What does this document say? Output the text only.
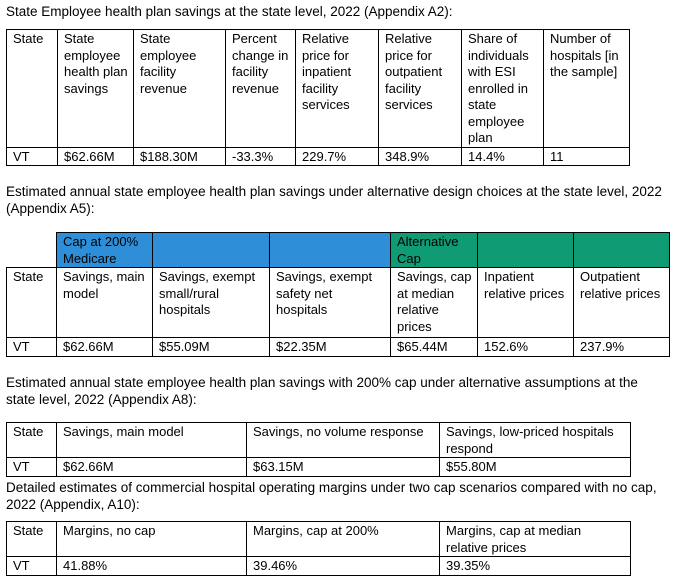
State Employee health plan savings at the state level, 2022 (Appendix A2):

State	State employee health plan savings	State employee facility revenue	Percent change in facility revenue	Relative price for inpatient facility services	Relative price for outpatient facility services	Share of individuals with ESI enrolled in state employee plan	Number of hospitals [in the sample]
VT	$62.66M	$188.30M	-33.3%	229.7%	348.9%	14.4%	11

Estimated annual state employee health plan savings under alternative design choices at the state level, 2022 (Appendix A5):

	Cap at 200% Medicare			Alternative Cap		
State	Savings, main model	Savings, exempt small/rural hospitals	Savings, exempt safety net hospitals	Savings, cap at median relative prices	Inpatient relative prices	Outpatient relative prices
VT	$62.66M	$55.09M	$22.35M	$65.44M	152.6%	237.9%

Estimated annual state employee health plan savings with 200% cap under alternative assumptions at the state level, 2022 (Appendix A8):

State	Savings, main model	Savings, no volume response	Savings, low-priced hospitals respond
VT	$62.66M	$63.15M	$55.80M

Detailed estimates of commercial hospital operating margins under two cap scenarios compared with no cap, 2022 (Appendix, A10):

State	Margins, no cap	Margins, cap at 200%	Margins, cap at median relative prices
VT	41.88%	39.46%	39.35%
